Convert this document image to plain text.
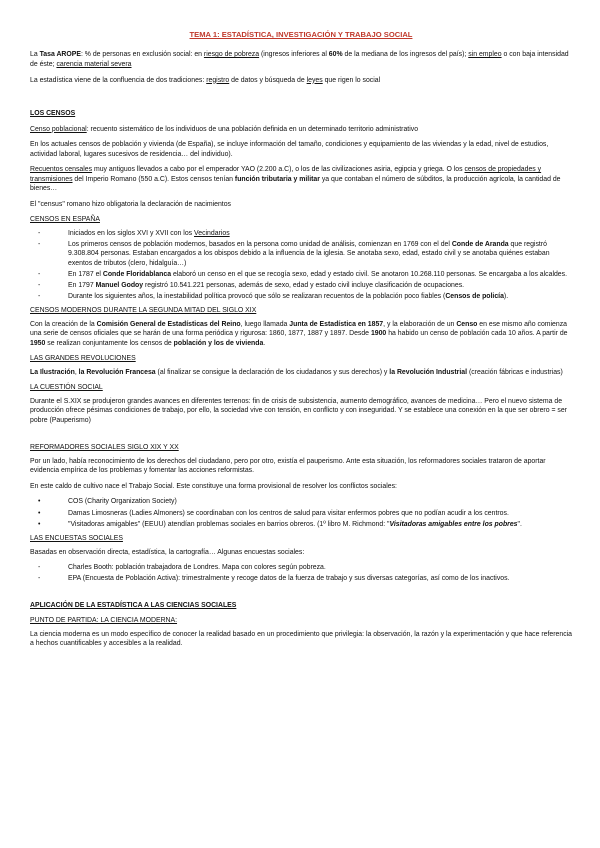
TEMA 1: ESTADÍSTICA, INVESTIGACIÓN Y TRABAJO SOCIAL

La Tasa AROPE: % de personas en exclusión social: en riesgo de pobreza (ingresos inferiores al 60% de la mediana de los ingresos del país); sin empleo o con baja intensidad de éste; carencia material severa

La estadística viene de la confluencia de dos tradiciones: registro de datos y búsqueda de leyes que rigen lo social

LOS CENSOS

Censo poblacional: recuento sistemático de los individuos de una población definida en un determinado territorio administrativo

En los actuales censos de población y vivienda (de España), se incluye información del tamaño, condiciones y equipamiento de las viviendas y la edad, nivel de estudios, actividad laboral, lugares sucesivos de residencia… del individuo).

Recuentos censales muy antiguos llevados a cabo por el emperador YAO (2.200 a.C), o los de las civilizaciones asiria, egipcia y griega. O los censos de propiedades y transmisiones del Imperio Romano (550 a.C). Estos censos tenían función tributaria y militar ya que contaban el número de súbditos, la producción agrícola, la cantidad de bienes…

El "census" romano hizo obligatoria la declaración de nacimientos

CENSOS EN ESPAÑA
- Iniciados en los siglos XVI y XVII con los Vecindarios
- Los primeros censos de población modernos, basados en la persona como unidad de análisis, comienzan en 1769 con el del Conde de Aranda que registró 9.308.804 personas. Estaban encargados a los obispos debido a la influencia de la iglesia. Se anotaba sexo, edad, estado civil y se anotaba quiénes estaban exentos de tributos (clero, hidalguía…)
- En 1787 el Conde Floridablanca elaboró un censo en el que se recogía sexo, edad y estado civil. Se anotaron 10.268.110 personas. Se encargaba a los alcaldes.
- En 1797 Manuel Godoy registró 10.541.221 personas, además de sexo, edad y estado civil incluye clasificación de ocupaciones.
- Durante los siguientes años, la inestabilidad política provocó que sólo se realizaran recuentos de la población poco fiables (Censos de policía).
CENSOS MODERNOS DURANTE LA SEGUNDA MITAD DEL SIGLO XIX

Con la creación de la Comisión General de Estadísticas del Reino, luego llamada Junta de Estadística en 1857, y la elaboración de un Censo en ese mismo año comienza una serie de censos oficiales que se harán de una forma periódica y rigurosa: 1860, 1877, 1887 y 1897. Desde 1900 ha habido un censo de población cada 10 años. A partir de 1950 se realizan conjuntamente los censos de población y los de vivienda.

LAS GRANDES REVOLUCIONES

La Ilustración, la Revolución Francesa (al finalizar se consigue la declaración de los ciudadanos y sus derechos) y la Revolución Industrial (creación fábricas e industrias)

LA CUESTIÓN SOCIAL

Durante el S.XIX se produjeron grandes avances en diferentes terrenos: fin de crisis de subsistencia, aumento demográfico, avances de medicina… Pero el nuevo sistema de producción ofrece pésimas condiciones de trabajo, por ello, la sociedad vive con tensión, en conflicto y con inseguridad. Y se establece una conexión en la que ser obrero = ser pobre (Pauperismo)

REFORMADORES SOCIALES SIGLO XIX Y XX

Por un lado, había reconocimiento de los derechos del ciudadano, pero por otro, existía el pauperismo. Ante esta situación, los reformadores sociales trataron de aportar evidencia empírica de los problemas y fomentar las acciones reformistas.

En este caldo de cultivo nace el Trabajo Social. Este constituye una forma provisional de resolver los conflictos sociales:

• COS (Charity Organization Society)
• Damas Limosneras (Ladies Almoners) se coordinaban con los centros de salud para visitar enfermos pobres que no podían acudir a los centros.
• "Visitadoras amigables" (EEUU) atendían problemas sociales en barrios obreros. (1º libro M. Richmond: "Visitadoras amigables entre los pobres".
LAS ENCUESTAS SOCIALES

Basadas en observación directa, estadística, la cartografía… Algunas encuestas sociales:

- Charles Booth: población trabajadora de Londres. Mapa con colores según pobreza.
- EPA (Encuesta de Población Activa): trimestralmente y recoge datos de la fuerza de trabajo y sus diversas categorías, así como de los inactivos.
APLICACIÓN DE LA ESTADÍSTICA A LAS CIENCIAS SOCIALES
PUNTO DE PARTIDA: LA CIENCIA MODERNA:

La ciencia moderna es un modo específico de conocer la realidad basado en un procedimiento que privilegia: la observación, la razón y la experimentación y que hace referencia a hechos cuantificables y accesibles a la realidad.
